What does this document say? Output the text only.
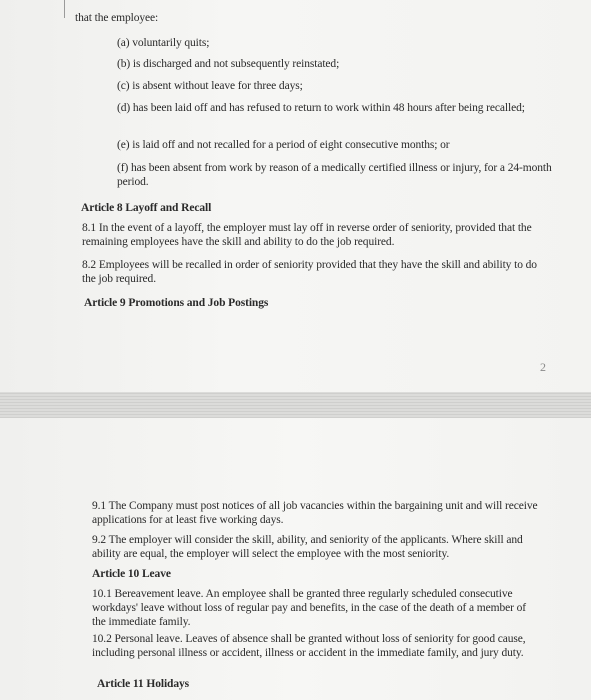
that the employee:
(a) voluntarily quits;
(b) is discharged and not subsequently reinstated;
(c) is absent without leave for three days;
(d) has been laid off and has refused to return to work within 48 hours after being recalled;
(e) is laid off and not recalled for a period of eight consecutive months; or
(f) has been absent from work by reason of a medically certified illness or injury, for a 24-month period.
Article 8 Layoff and Recall
8.1 In the event of a layoff, the employer must lay off in reverse order of seniority, provided that the remaining employees have the skill and ability to do the job required.
8.2 Employees will be recalled in order of seniority provided that they have the skill and ability to do the job required.
Article 9 Promotions and Job Postings
2
9.1 The Company must post notices of all job vacancies within the bargaining unit and will receive applications for at least five working days.
9.2 The employer will consider the skill, ability, and seniority of the applicants. Where skill and ability are equal, the employer will select the employee with the most seniority.
Article 10 Leave
10.1 Bereavement leave. An employee shall be granted three regularly scheduled consecutive workdays' leave without loss of regular pay and benefits, in the case of the death of a member of the immediate family.
10.2 Personal leave. Leaves of absence shall be granted without loss of seniority for good cause, including personal illness or accident, illness or accident in the immediate family, and jury duty.
Article 11 Holidays
